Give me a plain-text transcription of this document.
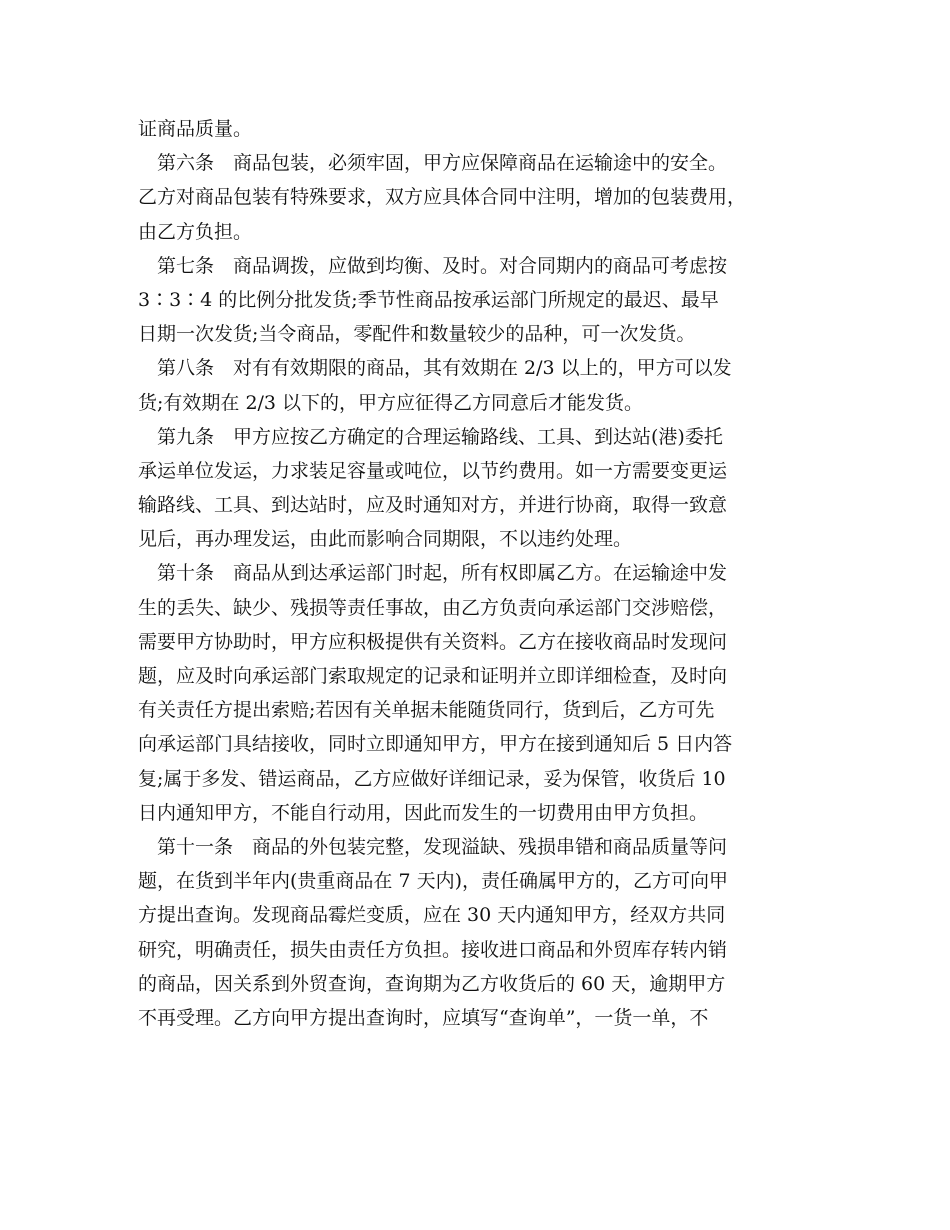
证商品质量。
　第六条　商品包装，必须牢固，甲方应保障商品在运输途中的安全。
乙方对商品包装有特殊要求，双方应具体合同中注明，增加的包装费用，
由乙方负担。
　第七条　商品调拨，应做到均衡、及时。对合同期内的商品可考虑按
3∶3∶4 的比例分批发货;季节性商品按承运部门所规定的最迟、最早
日期一次发货;当令商品，零配件和数量较少的品种，可一次发货。
　第八条　对有有效期限的商品，其有效期在 2/3 以上的，甲方可以发
货;有效期在 2/3 以下的，甲方应征得乙方同意后才能发货。
　第九条　甲方应按乙方确定的合理运输路线、工具、到达站(港)委托
承运单位发运，力求装足容量或吨位，以节约费用。如一方需要变更运
输路线、工具、到达站时，应及时通知对方，并进行协商，取得一致意
见后，再办理发运，由此而影响合同期限，不以违约处理。
　第十条　商品从到达承运部门时起，所有权即属乙方。在运输途中发
生的丢失、缺少、残损等责任事故，由乙方负责向承运部门交涉赔偿，
需要甲方协助时，甲方应积极提供有关资料。乙方在接收商品时发现问
题，应及时向承运部门索取规定的记录和证明并立即详细检查，及时向
有关责任方提出索赔;若因有关单据未能随货同行，货到后，乙方可先
向承运部门具结接收，同时立即通知甲方，甲方在接到通知后 5 日内答
复;属于多发、错运商品，乙方应做好详细记录，妥为保管，收货后 10
日内通知甲方，不能自行动用，因此而发生的一切费用由甲方负担。
　第十一条　商品的外包装完整，发现溢缺、残损串错和商品质量等问
题，在货到半年内(贵重商品在 7 天内)，责任确属甲方的，乙方可向甲
方提出查询。发现商品霉烂变质，应在 30 天内通知甲方，经双方共同
研究，明确责任，损失由责任方负担。接收进口商品和外贸库存转内销
的商品，因关系到外贸查询，查询期为乙方收货后的 60 天，逾期甲方
不再受理。乙方向甲方提出查询时，应填写“查询单”，一货一单，不
